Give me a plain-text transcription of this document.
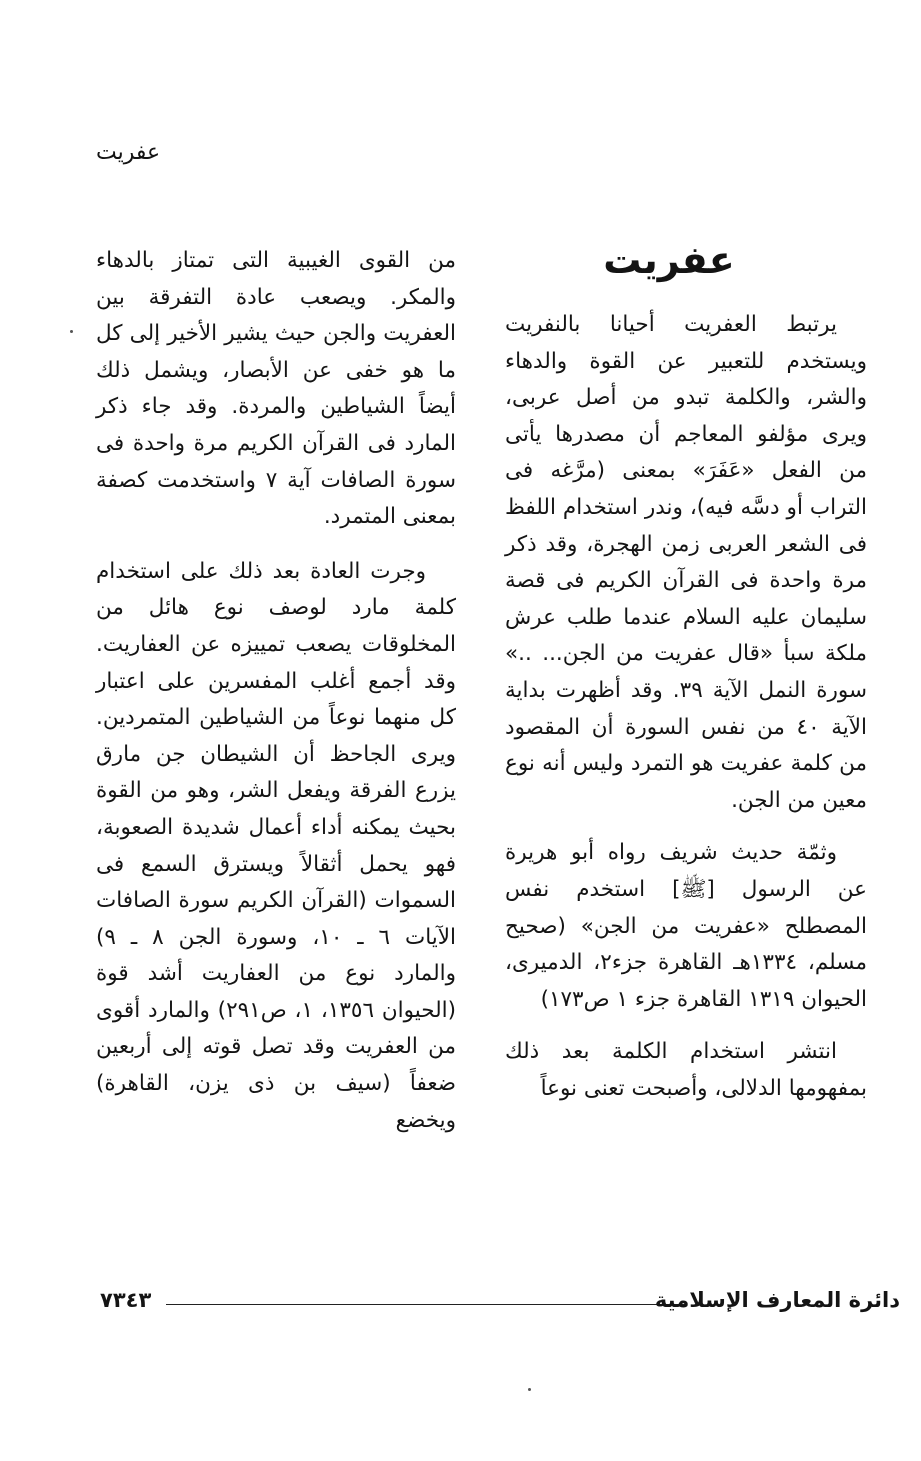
عفريت
عفريت

يرتبط العفريت أحيانا بالنفريت ويستخدم للتعبير عن القوة والدهاء والشر، والكلمة تبدو من أصل عربى، ويرى مؤلفو المعاجم أن مصدرها يأتى من الفعل «عَفَرَ» بمعنى (مرَّغه فى التراب أو دسَّه فيه)، وندر استخدام اللفظ فى الشعر العربى زمن الهجرة، وقد ذكر مرة واحدة فى القرآن الكريم فى قصة سليمان عليه السلام عندما طلب عرش ملكة سبأ «قال عفريت من الجن... ..» سورة النمل الآية ٣٩. وقد أظهرت بداية الآية ٤٠ من نفس السورة أن المقصود من كلمة عفريت هو التمرد وليس أنه نوع معين من الجن.

وثمّة حديث شريف رواه أبو هريرة عن الرسول [ﷺ] استخدم نفس المصطلح «عفريت من الجن» (صحيح مسلم، ١٣٣٤هـ القاهرة جزء٢، الدميرى، الحيوان ١٣١٩ القاهرة جزء ١ ص١٧٣)

انتشر استخدام الكلمة بعد ذلك بمفهومها الدلالى، وأصبحت تعنى نوعاً

من القوى الغيبية التى تمتاز بالدهاء والمكر. ويصعب عادة التفرقة بين العفريت والجن حيث يشير الأخير إلى كل ما هو خفى عن الأبصار، ويشمل ذلك أيضاً الشياطين والمردة. وقد جاء ذكر المارد فى القرآن الكريم مرة واحدة فى سورة الصافات آية ٧ واستخدمت كصفة بمعنى المتمرد.

وجرت العادة بعد ذلك على استخدام كلمة مارد لوصف نوع هائل من المخلوقات يصعب تمييزه عن العفاريت. وقد أجمع أغلب المفسرين على اعتبار كل منهما نوعاً من الشياطين المتمردين. ويرى الجاحظ أن الشيطان جن مارق يزرع الفرقة ويفعل الشر، وهو من القوة بحيث يمكنه أداء أعمال شديدة الصعوبة، فهو يحمل أثقالاً ويسترق السمع فى السموات (القرآن الكريم سورة الصافات الآيات ٦ ـ ١٠، وسورة الجن ٨ ـ ٩) والمارد نوع من العفاريت أشد قوة (الحيوان ١٣٥٦، ١، ص٢٩١) والمارد أقوى من العفريت وقد تصل قوته إلى أربعين ضعفاً (سيف بن ذى يزن، القاهرة) ويخضع

٧٣٤٣	دائرة المعارف الإسلامية
